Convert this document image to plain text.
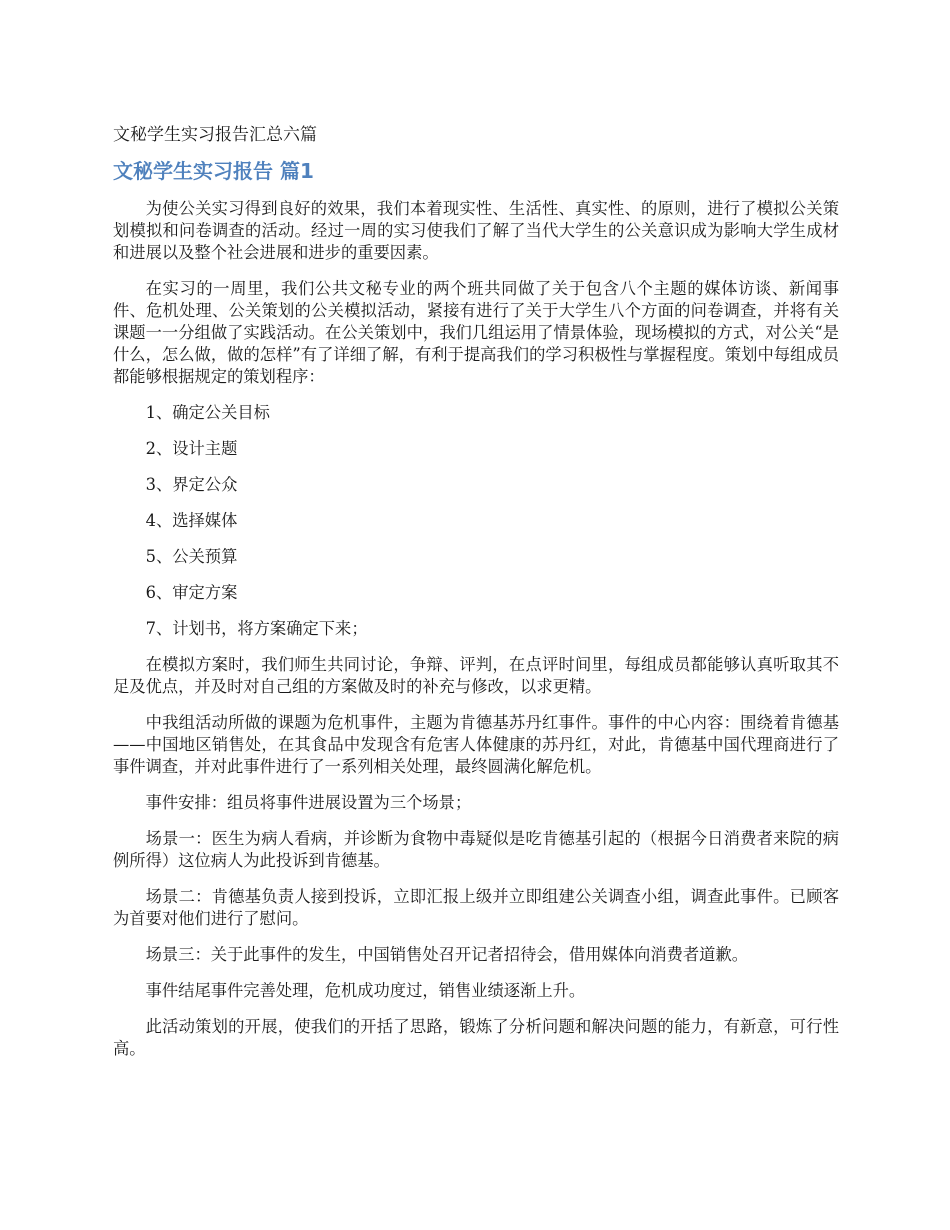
文秘学生实习报告汇总六篇
文秘学生实习报告 篇1

为使公关实习得到良好的效果，我们本着现实性、生活性、真实性、的原则，进行了模拟公关策划模拟和问卷调查的活动。经过一周的实习使我们了解了当代大学生的公关意识成为影响大学生成材和进展以及整个社会进展和进步的重要因素。

在实习的一周里，我们公共文秘专业的两个班共同做了关于包含八个主题的媒体访谈、新闻事件、危机处理、公关策划的公关模拟活动，紧接有进行了关于大学生八个方面的问卷调查，并将有关课题一一分组做了实践活动。在公关策划中，我们几组运用了情景体验，现场模拟的方式，对公关“是什么，怎么做，做的怎样”有了详细了解，有利于提高我们的学习积极性与掌握程度。策划中每组成员都能够根据规定的策划程序：

1、确定公关目标
2、设计主题
3、界定公众
4、选择媒体
5、公关预算
6、审定方案
7、计划书，将方案确定下来；

在模拟方案时，我们师生共同讨论，争辩、评判，在点评时间里，每组成员都能够认真听取其不足及优点，并及时对自己组的方案做及时的补充与修改，以求更精。

中我组活动所做的课题为危机事件，主题为肯德基苏丹红事件。事件的中心内容：围绕着肯德基——中国地区销售处，在其食品中发现含有危害人体健康的苏丹红，对此，肯德基中国代理商进行了事件调查，并对此事件进行了一系列相关处理，最终圆满化解危机。

事件安排：组员将事件进展设置为三个场景；

场景一：医生为病人看病，并诊断为食物中毒疑似是吃肯德基引起的（根据今日消费者来院的病例所得）这位病人为此投诉到肯德基。

场景二：肯德基负责人接到投诉，立即汇报上级并立即组建公关调查小组，调查此事件。已顾客为首要对他们进行了慰问。

场景三：关于此事件的发生，中国销售处召开记者招待会，借用媒体向消费者道歉。

事件结尾事件完善处理，危机成功度过，销售业绩逐渐上升。

此活动策划的开展，使我们的开括了思路，锻炼了分析问题和解决问题的能力，有新意，可行性高。
